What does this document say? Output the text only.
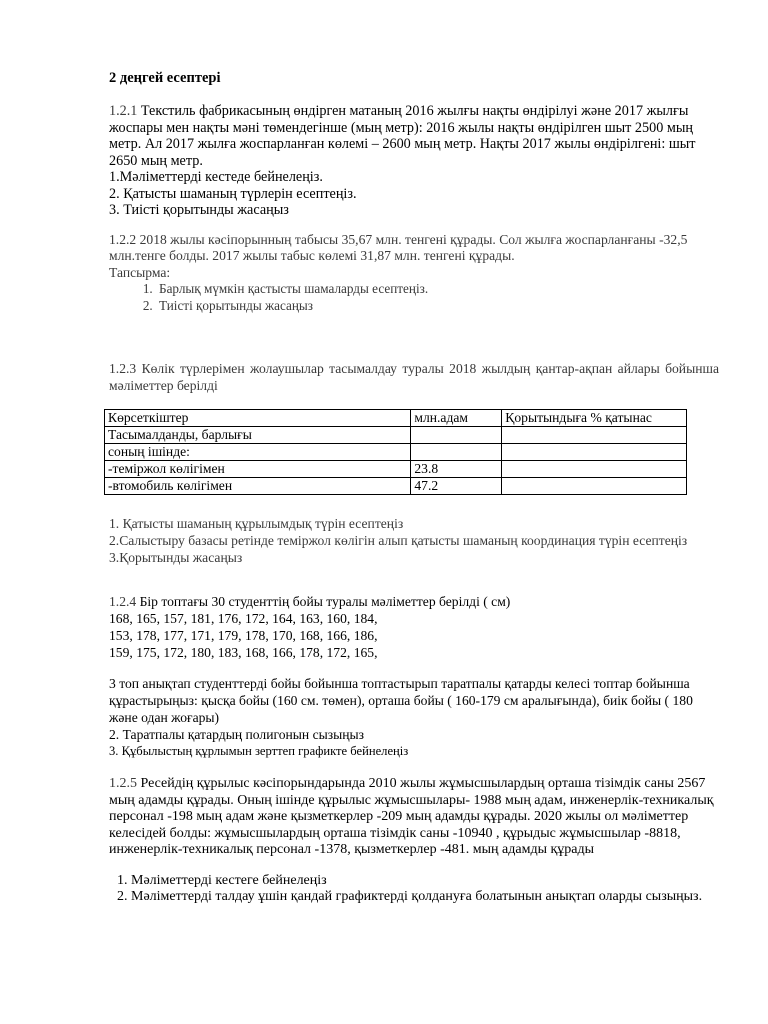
2 деңгей есептері

1.2.1 Текстиль фабрикасының өндірген матаның 2016 жылғы нақты өндірілуі және 2017 жылғы жоспары мен нақты мәні төмендегінше (мың метр): 2016 жылы нақты өндірілген шыт 2500 мың метр. Ал 2017 жылға жоспарланған көлемі – 2600 мың метр. Нақты 2017 жылы өндірілгені: шыт 2650 мың метр.
1.Мәліметтерді кестеде бейнелеңіз.
2. Қатысты шаманың түрлерін есептеңіз.
3. Тиісті қорытынды жасаңыз
1.2.2 2018 жылы кәсіпорынның табысы 35,67 млн. тенгені құрады. Сол жылға жоспарланғаны -32,5 млн.тенге болды. 2017 жылы табыс көлемі 31,87 млн. тенгені құрады.
Тапсырма:
1. Барлық мүмкін қастысты шамаларды есептеңіз.
2. Тиісті қорытынды жасаңыз
1.2.3 Көлік түрлерімен жолаушылар тасымалдау туралы 2018 жылдың қантар-ақпан айлары бойынша мәліметтер берілді
Көрсеткіштер	млн.адам	Қорытындыға % қатынас
Тасымалданды, барлығы		
соның ішінде:		
-теміржол көлігімен	23.8	
-втомобиль көлігімен	47.2	
1. Қатысты шаманың құрылымдық түрін есептеңіз
2.Салыстыру базасы ретінде теміржол көлігін алып қатысты шаманың координация түрін есептеңіз
3.Қорытынды жасаңыз
1.2.4 Бір топтағы 30 студенттің бойы туралы мәліметтер берілді ( см)
168, 165, 157, 181, 176, 172, 164, 163, 160, 184,
153, 178, 177, 171, 179, 178, 170, 168, 166, 186,
159, 175, 172, 180, 183, 168, 166, 178, 172, 165,
3 топ анықтап студенттерді бойы бойынша топтастырып таратпалы қатарды келесі топтар бойынша құрастырыңыз: қысқа бойы (160 см. төмен), орташа бойы ( 160-179 см аралығында), биік бойы ( 180 және одан жоғары)
2. Таратпалы қатардың полигонын сызыңыз
3. Құбылыстың құрлымын зерттеп графикте бейнелеңіз
1.2.5 Ресейдің құрылыс кәсіпорындарында 2010 жылы жұмысшылардың орташа тізімдік саны 2567 мың адамды құрады. Оның ішінде құрылыс жұмысшылары- 1988 мың адам, инженерлік-техникалық персонал -198 мың адам және қызметкерлер -209 мың адамды құрады. 2020 жылы ол мәліметтер келесідей болды: жұмысшылардың орташа тізімдік саны -10940 , құрыдыс жұмысшылар -8818, инженерлік-техникалық персонал -1378, қызметкерлер -481. мың адамды құрады
1. Мәліметтерді кестеге бейнелеңіз
2. Мәліметтерді талдау ұшін қандай графиктерді қолдануға болатынын анықтап оларды сызыңыз.
